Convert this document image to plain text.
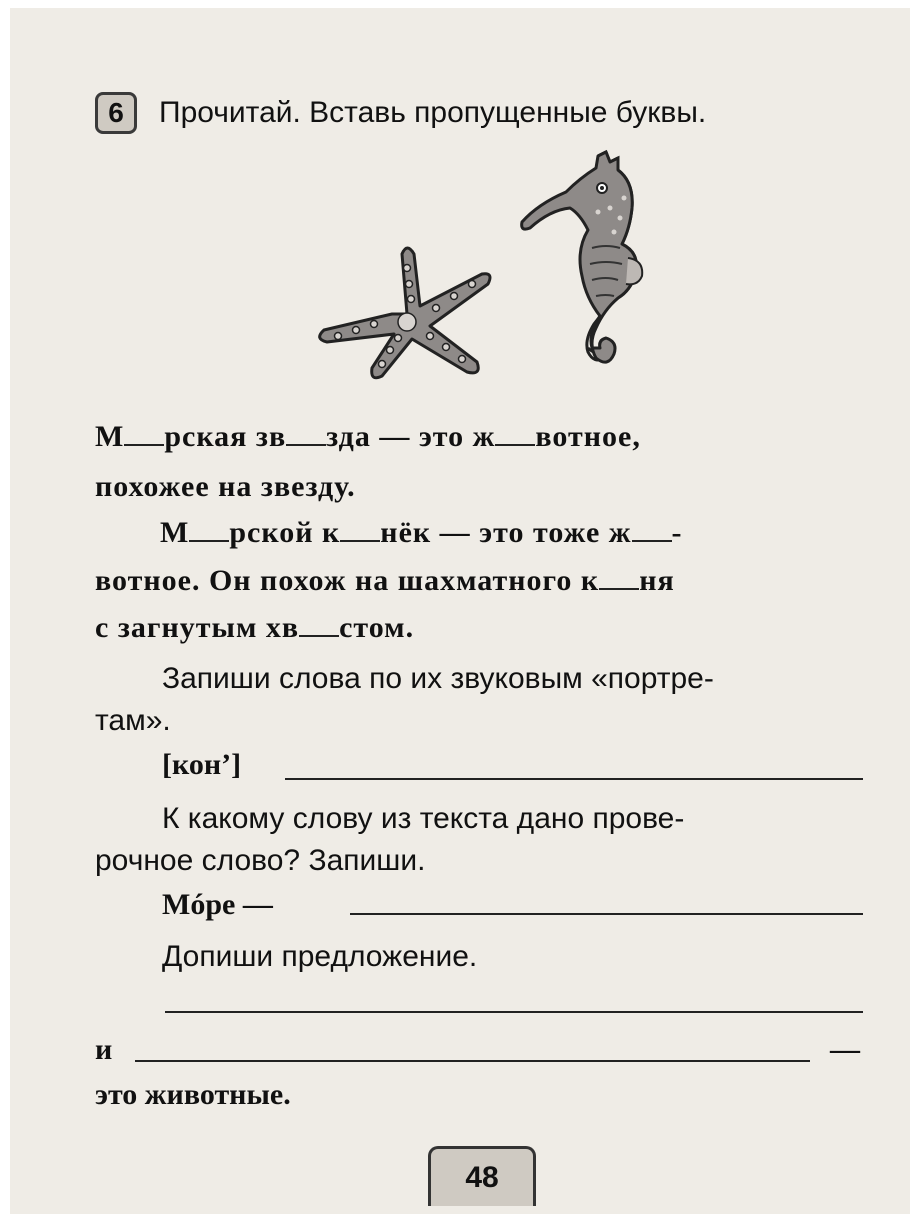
6	Прочитай. Вставь пропущенные буквы.
М рская зв зда — это ж вотное,
похожее на звезду.
М рской к нёк — это тоже ж -
вотное. Он похож на шахматного к ня
с загнутым хв стом.
Запиши слова по их звуковым «портре-
там».
[кон’]
К какому слову из текста дано прове-
рочное слово? Запиши.
Мóре —
Допиши предложение.
и	—
это животные.
48
